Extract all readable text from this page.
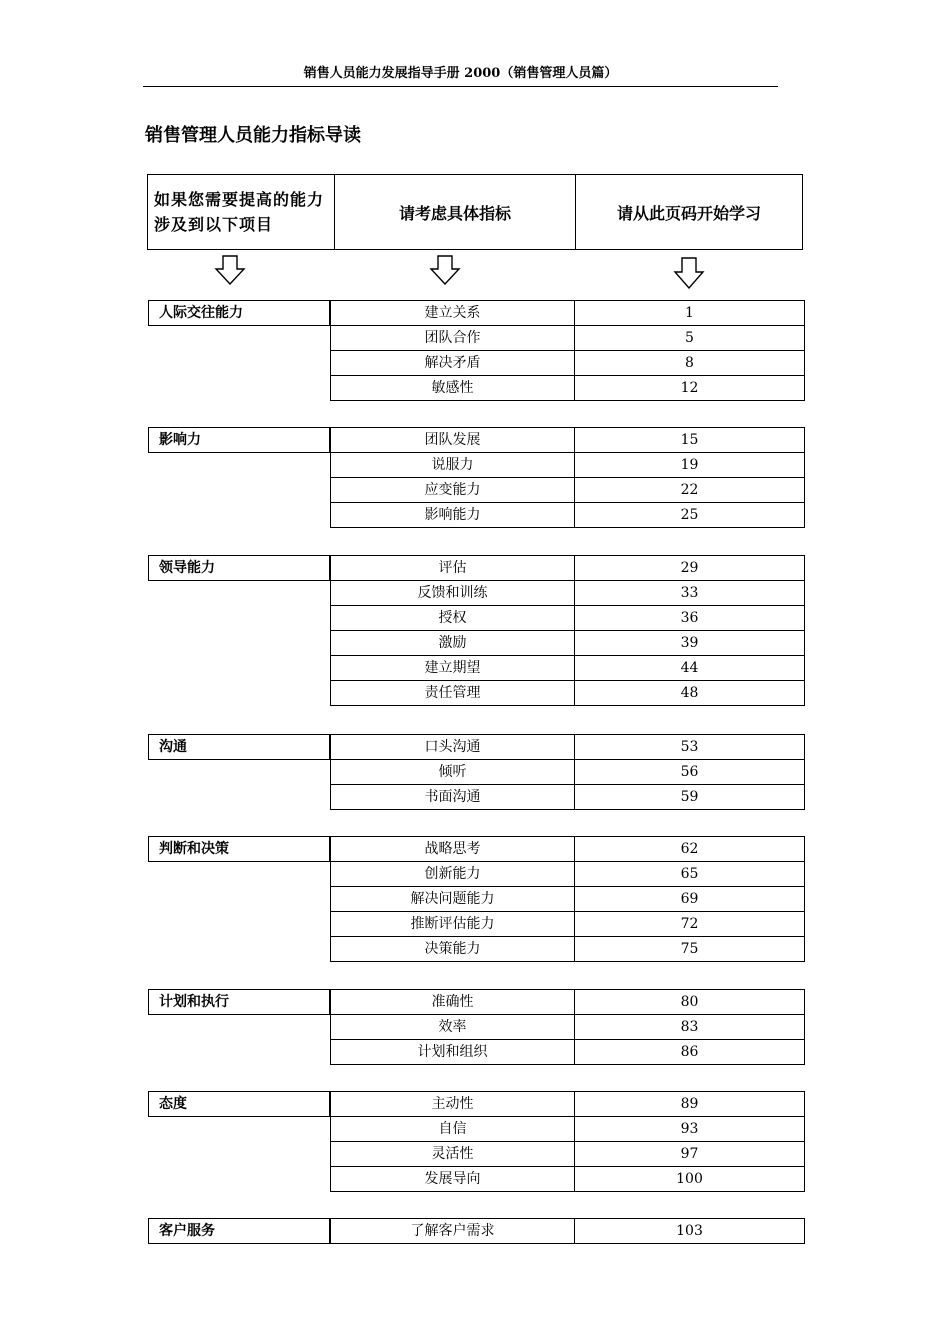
销售人员能力发展指导手册 2000（销售管理人员篇）
销售管理人员能力指标导读
如果您需要提高的能力涉及到以下项目	请考虑具体指标	请从此页码开始学习
人际交往能力	建立关系	1
团队合作	5
解决矛盾	8
敏感性	12
影响力	团队发展	15
说服力	19
应变能力	22
影响能力	25
领导能力	评估	29
反馈和训练	33
授权	36
激励	39
建立期望	44
责任管理	48
沟通	口头沟通	53
倾听	56
书面沟通	59
判断和决策	战略思考	62
创新能力	65
解决问题能力	69
推断评估能力	72
决策能力	75
计划和执行	准确性	80
效率	83
计划和组织	86
态度	主动性	89
自信	93
灵活性	97
发展导向	100
客户服务	了解客户需求	103
